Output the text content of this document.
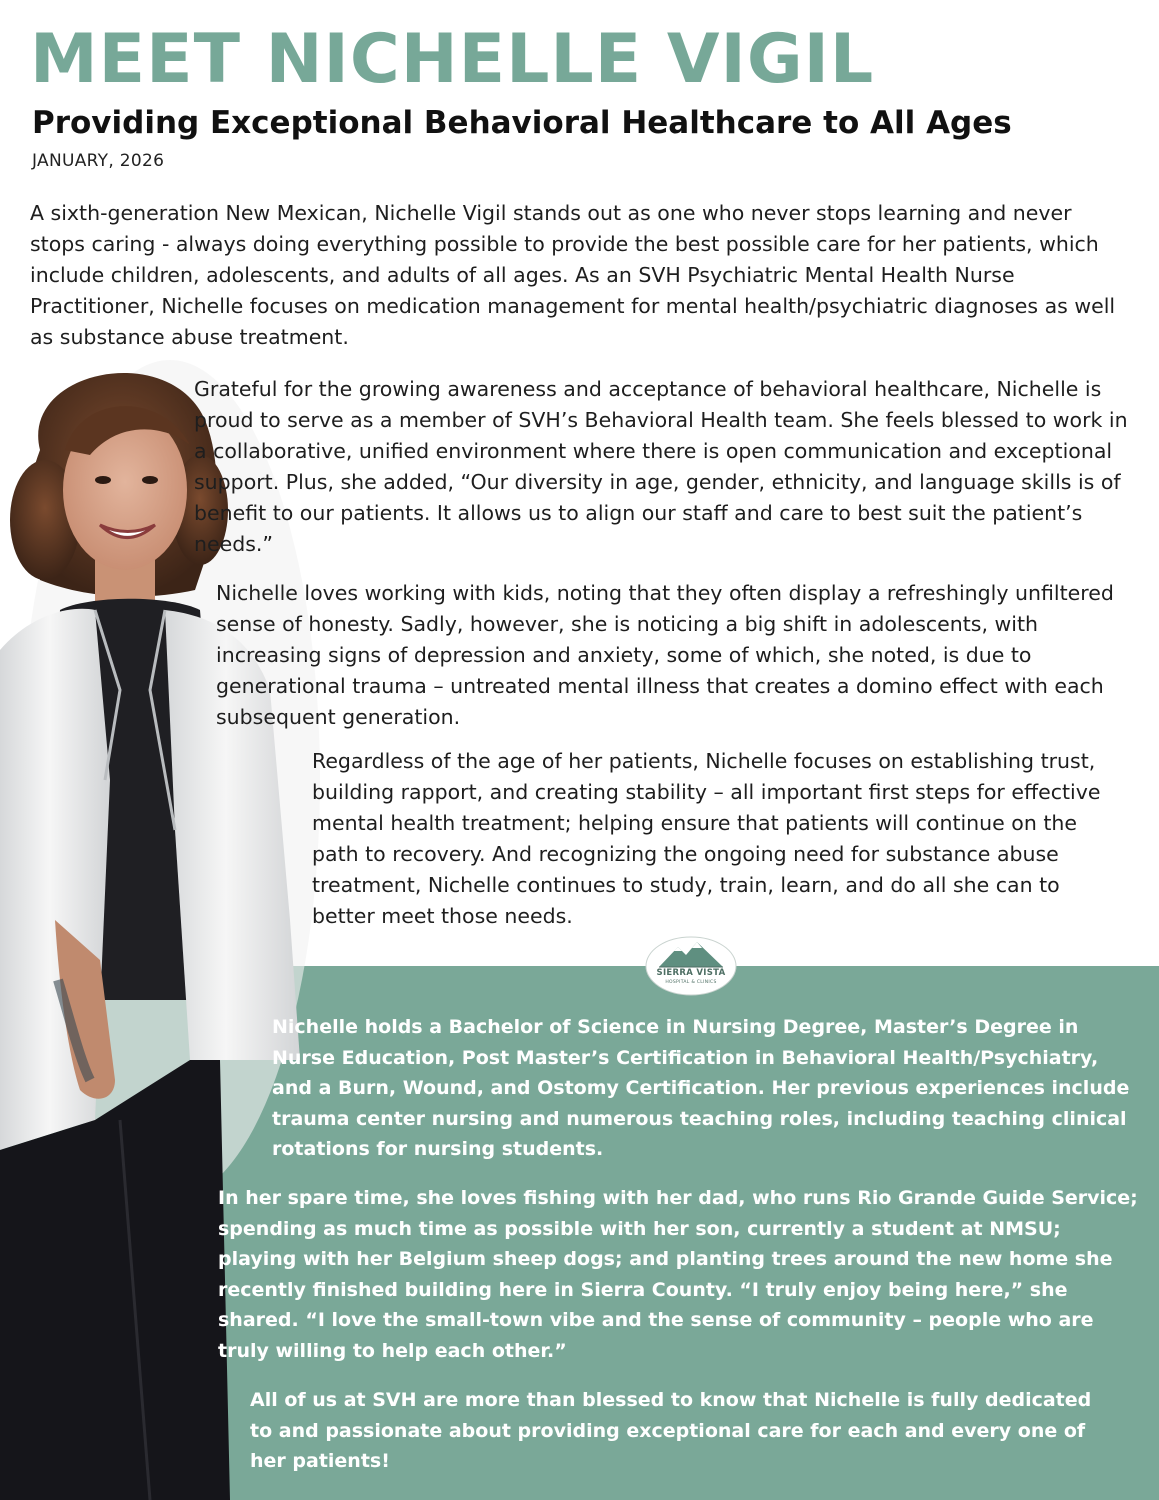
MEET NICHELLE VIGIL
Providing Exceptional Behavioral Healthcare to All Ages
JANUARY, 2026

A sixth-generation New Mexican, Nichelle Vigil stands out as one who never stops learning and never stops caring - always doing everything possible to provide the best possible care for her patients, which include children, adolescents, and adults of all ages. As an SVH Psychiatric Mental Health Nurse Practitioner, Nichelle focuses on medication management for mental health/psychiatric diagnoses as well as substance abuse treatment.

SIERRA VISTA
HOSPITAL & CLINICS

Grateful for the growing awareness and acceptance of behavioral healthcare, Nichelle is proud to serve as a member of SVH’s Behavioral Health team. She feels blessed to work in a collaborative, unified environment where there is open communication and exceptional support. Plus, she added, “Our diversity in age, gender, ethnicity, and language skills is of benefit to our patients. It allows us to align our staff and care to best suit the patient’s needs.”

Nichelle loves working with kids, noting that they often display a refreshingly unfiltered sense of honesty. Sadly, however, she is noticing a big shift in adolescents, with increasing signs of depression and anxiety, some of which, she noted, is due to generational trauma – untreated mental illness that creates a domino effect with each subsequent generation.

Regardless of the age of her patients, Nichelle focuses on establishing trust, building rapport, and creating stability – all important first steps for effective mental health treatment; helping ensure that patients will continue on the path to recovery. And recognizing the ongoing need for substance abuse treatment, Nichelle continues to study, train, learn, and do all she can to better meet those needs.

Nichelle holds a Bachelor of Science in Nursing Degree, Master’s Degree in Nurse Education, Post Master’s Certification in Behavioral Health/Psychiatry, and a Burn, Wound, and Ostomy Certification. Her previous experiences include trauma center nursing and numerous teaching roles, including teaching clinical rotations for nursing students.

In her spare time, she loves fishing with her dad, who runs Rio Grande Guide Service; spending as much time as possible with her son, currently a student at NMSU; playing with her Belgium sheep dogs; and planting trees around the new home she recently finished building here in Sierra County. “I truly enjoy being here,” she shared. “I love the small-town vibe and the sense of community – people who are truly willing to help each other.”

All of us at SVH are more than blessed to know that Nichelle is fully dedicated to and passionate about providing exceptional care for each and every one of her patients!
